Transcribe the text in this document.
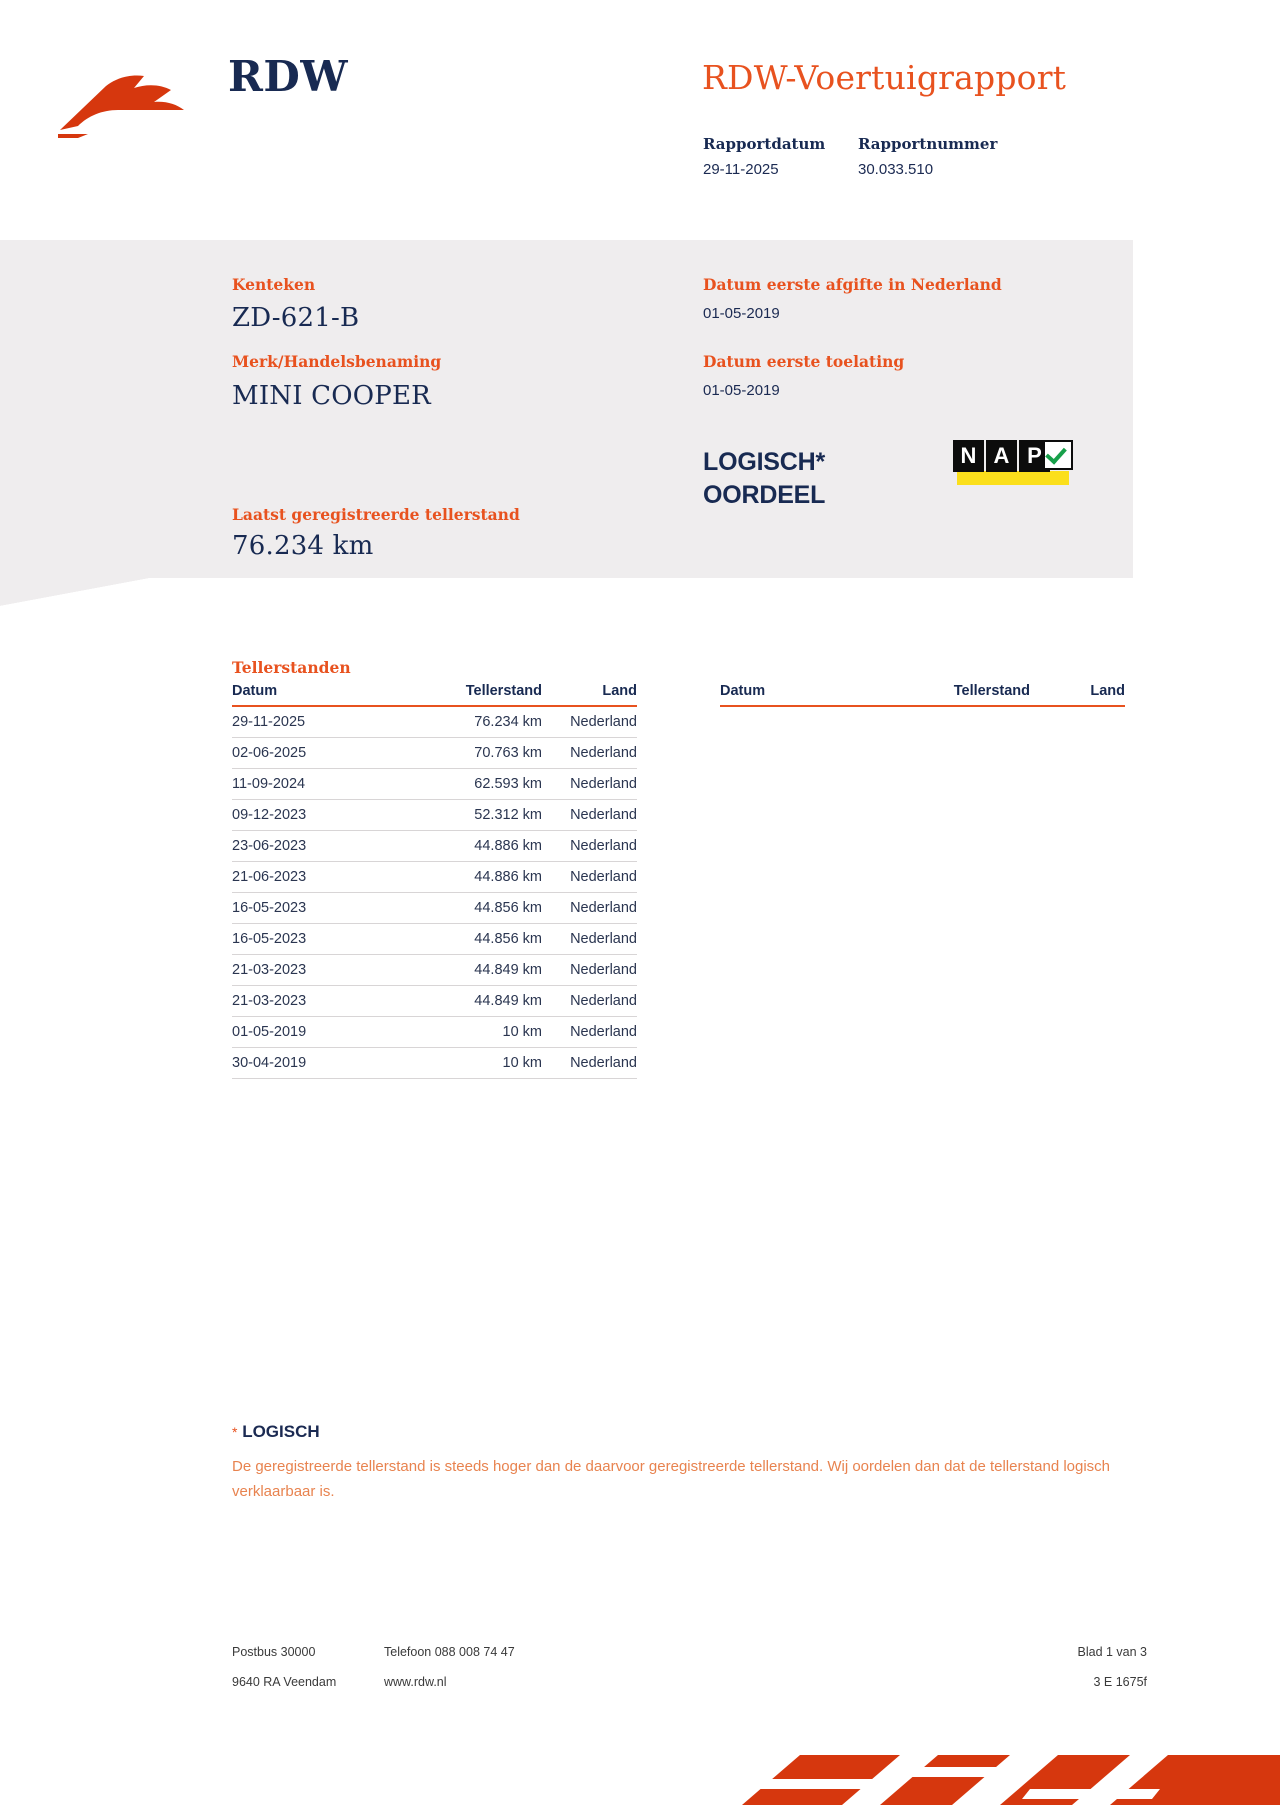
RDW	RDW-Voertuigrapport
Rapportdatum	Rapportnummer
29-11-2025	30.033.510
Kenteken
ZD-621-B
Merk/Handelsbenaming
MINI COOPER
Laatst geregistreerde tellerstand
76.234 km
Datum eerste afgifte in Nederland
01-05-2019
Datum eerste toelating
01-05-2019
LOGISCH*
OORDEEL
N A P
Tellerstanden
Datum	Tellerstand	Land
29-11-2025	76.234 km	Nederland
02-06-2025	70.763 km	Nederland
11-09-2024	62.593 km	Nederland
09-12-2023	52.312 km	Nederland
23-06-2023	44.886 km	Nederland
21-06-2023	44.886 km	Nederland
16-05-2023	44.856 km	Nederland
16-05-2023	44.856 km	Nederland
21-03-2023	44.849 km	Nederland
21-03-2023	44.849 km	Nederland
01-05-2019	10 km	Nederland
30-04-2019	10 km	Nederland
Datum	Tellerstand	Land
* LOGISCH
De geregistreerde tellerstand is steeds hoger dan de daarvoor geregistreerde tellerstand. Wij oordelen dan dat de tellerstand logisch verklaarbaar is.
Postbus 30000	Telefoon 088 008 74 47	Blad 1 van 3
9640 RA Veendam	www.rdw.nl	3 E 1675f
